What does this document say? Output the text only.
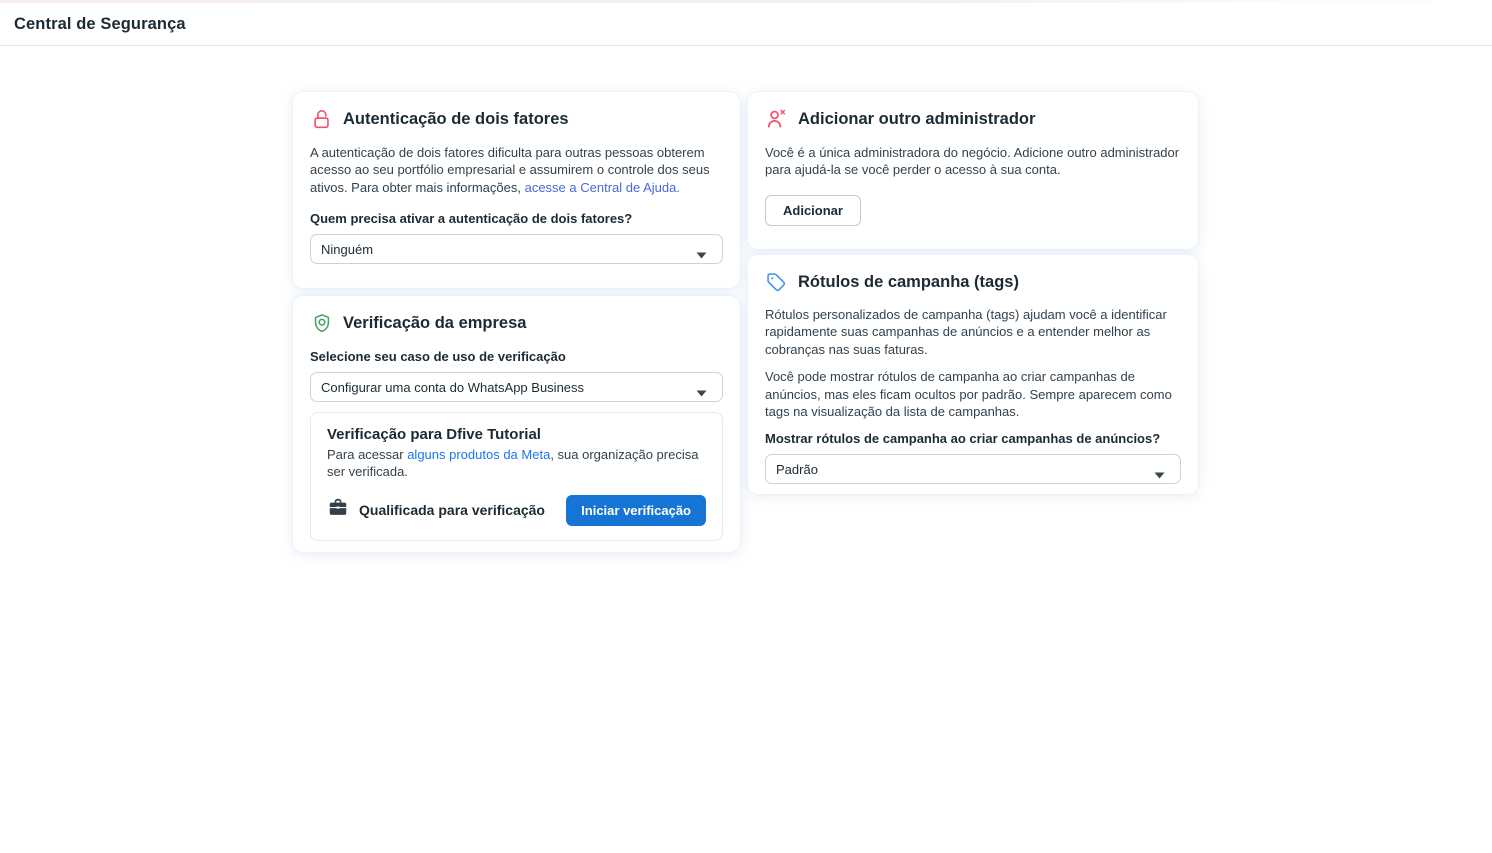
Central de Segurança
Autenticação de dois fatores

A autenticação de dois fatores dificulta para outras pessoas obterem acesso ao seu portfólio empresarial e assumirem o controle dos seus ativos. Para obter mais informações, acesse a Central de Ajuda.

Quem precisa ativar a autenticação de dois fatores?
Ninguém
Verificação da empresa
Selecione seu caso de uso de verificação
Configurar uma conta do WhatsApp Business
Verificação para Dfive Tutorial

Para acessar alguns produtos da Meta, sua organização precisa ser verificada.

Qualificada para verificação	Iniciar verificação
Adicionar outro administrador

Você é a única administradora do negócio. Adicione outro administrador para ajudá-la se você perder o acesso à sua conta.

Adicionar
Rótulos de campanha (tags)

Rótulos personalizados de campanha (tags) ajudam você a identificar rapidamente suas campanhas de anúncios e a entender melhor as cobranças nas suas faturas.

Você pode mostrar rótulos de campanha ao criar campanhas de anúncios, mas eles ficam ocultos por padrão. Sempre aparecem como tags na visualização da lista de campanhas.

Mostrar rótulos de campanha ao criar campanhas de anúncios?
Padrão
